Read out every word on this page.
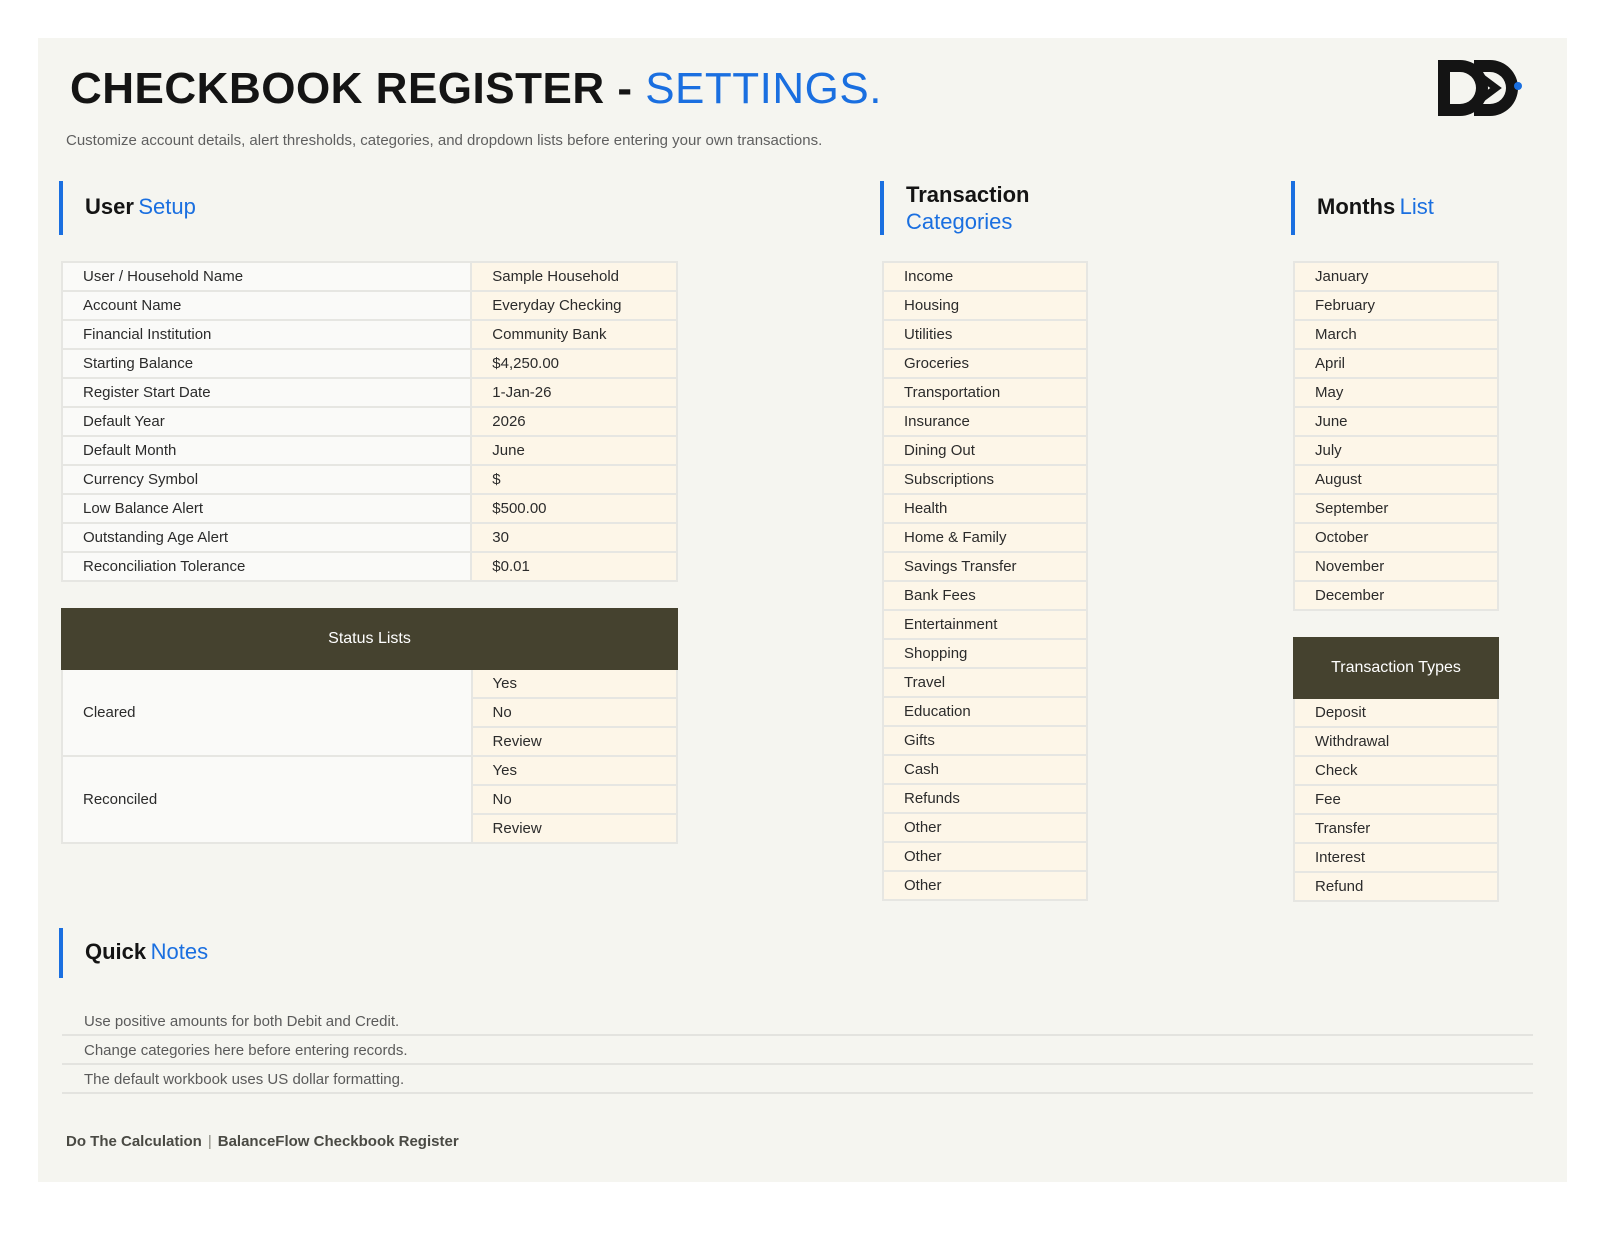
CHECKBOOK REGISTER - SETTINGS.
Customize account details, alert thresholds, categories, and dropdown lists before entering your own transactions.
User Setup
User / Household Name	Sample Household
Account Name	Everyday Checking
Financial Institution	Community Bank
Starting Balance	$4,250.00
Register Start Date	1-Jan-26
Default Year	2026
Default Month	June
Currency Symbol	$
Low Balance Alert	$500.00
Outstanding Age Alert	30
Reconciliation Tolerance	$0.01
Status Lists	
Cleared	Yes
	No
	Review
Reconciled	Yes
	No
	Review
Transaction
Categories
Income
Housing
Utilities
Groceries
Transportation
Insurance
Dining Out
Subscriptions
Health
Home & Family
Savings Transfer
Bank Fees
Entertainment
Shopping
Travel
Education
Gifts
Cash
Refunds
Other
Other
Other
Months List
January
February
March
April
May
June
July
August
September
October
November
December
Transaction Types
Deposit
Withdrawal
Check
Fee
Transfer
Interest
Refund
Quick Notes
Use positive amounts for both Debit and Credit.
Change categories here before entering records.
The default workbook uses US dollar formatting.
Do The Calculation | BalanceFlow Checkbook Register
